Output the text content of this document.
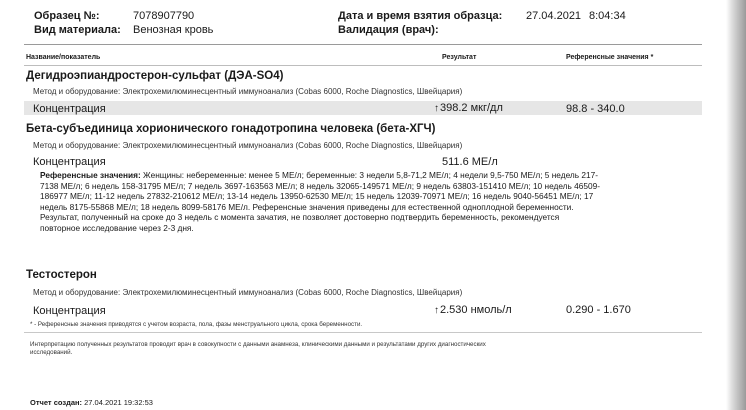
Образец №:	7078907790
Вид материала: Венозная кровь
Дата и время взятия образца: 27.04.2021 8:04:34
Валидация (врач):
Название/показатель	Результат	Референсные значения *
Дегидроэпиандростерон-сульфат (ДЭА-SO4)
Метод и оборудование: Электрохемилюминесцентный иммуноанализ (Cobas 6000, Roche Diagnostics, Швейцария)
Концентрация	↑398.2 мкг/дл	98.8 - 340.0
Бета-субъединица хорионического гонадотропина человека (бета-ХГЧ)
Метод и оборудование: Электрохемилюминесцентный иммуноанализ (Cobas 6000, Roche Diagnostics, Швейцария)
Концентрация	511.6 МЕ/л
Референсные значения: Женщины: небеременные: менее 5 МЕ/л; беременные: 3 недели 5,8-71,2 МЕ/л; 4 недели 9,5-750 МЕ/л; 5 недель 217-7138 МЕ/л; 6 недель 158-31795 МЕ/л; 7 недель 3697-163563 МЕ/л; 8 недель 32065-149571 МЕ/л; 9 недель 63803-151410 МЕ/л; 10 недель 46509-186977 МЕ/л; 11-12 недель 27832-210612 МЕ/л; 13-14 недель 13950-62530 МЕ/л; 15 недель 12039-70971 МЕ/л; 16 недель 9040-56451 МЕ/л; 17 недель 8175-55868 МЕ/л; 18 недель 8099-58176 МЕ/л. Референсные значения приведены для естественной одноплодной беременности. Результат, полученный на сроке до 3 недель с момента зачатия, не позволяет достоверно подтвердить беременность, рекомендуется повторное исследование через 2-3 дня.
Тестостерон
Метод и оборудование: Электрохемилюминесцентный иммуноанализ (Cobas 6000, Roche Diagnostics, Швейцария)
Концентрация	↑2.530 нмоль/л	0.290 - 1.670
* - Референсные значения приводятся с учетом возраста, пола, фазы менструального цикла, срока беременности.
Интерпретацию полученных результатов проводит врач в совокупности с данными анамнеза, клиническими данными и результатами других диагностических исследований.
Отчет создан: 27.04.2021 19:32:53
